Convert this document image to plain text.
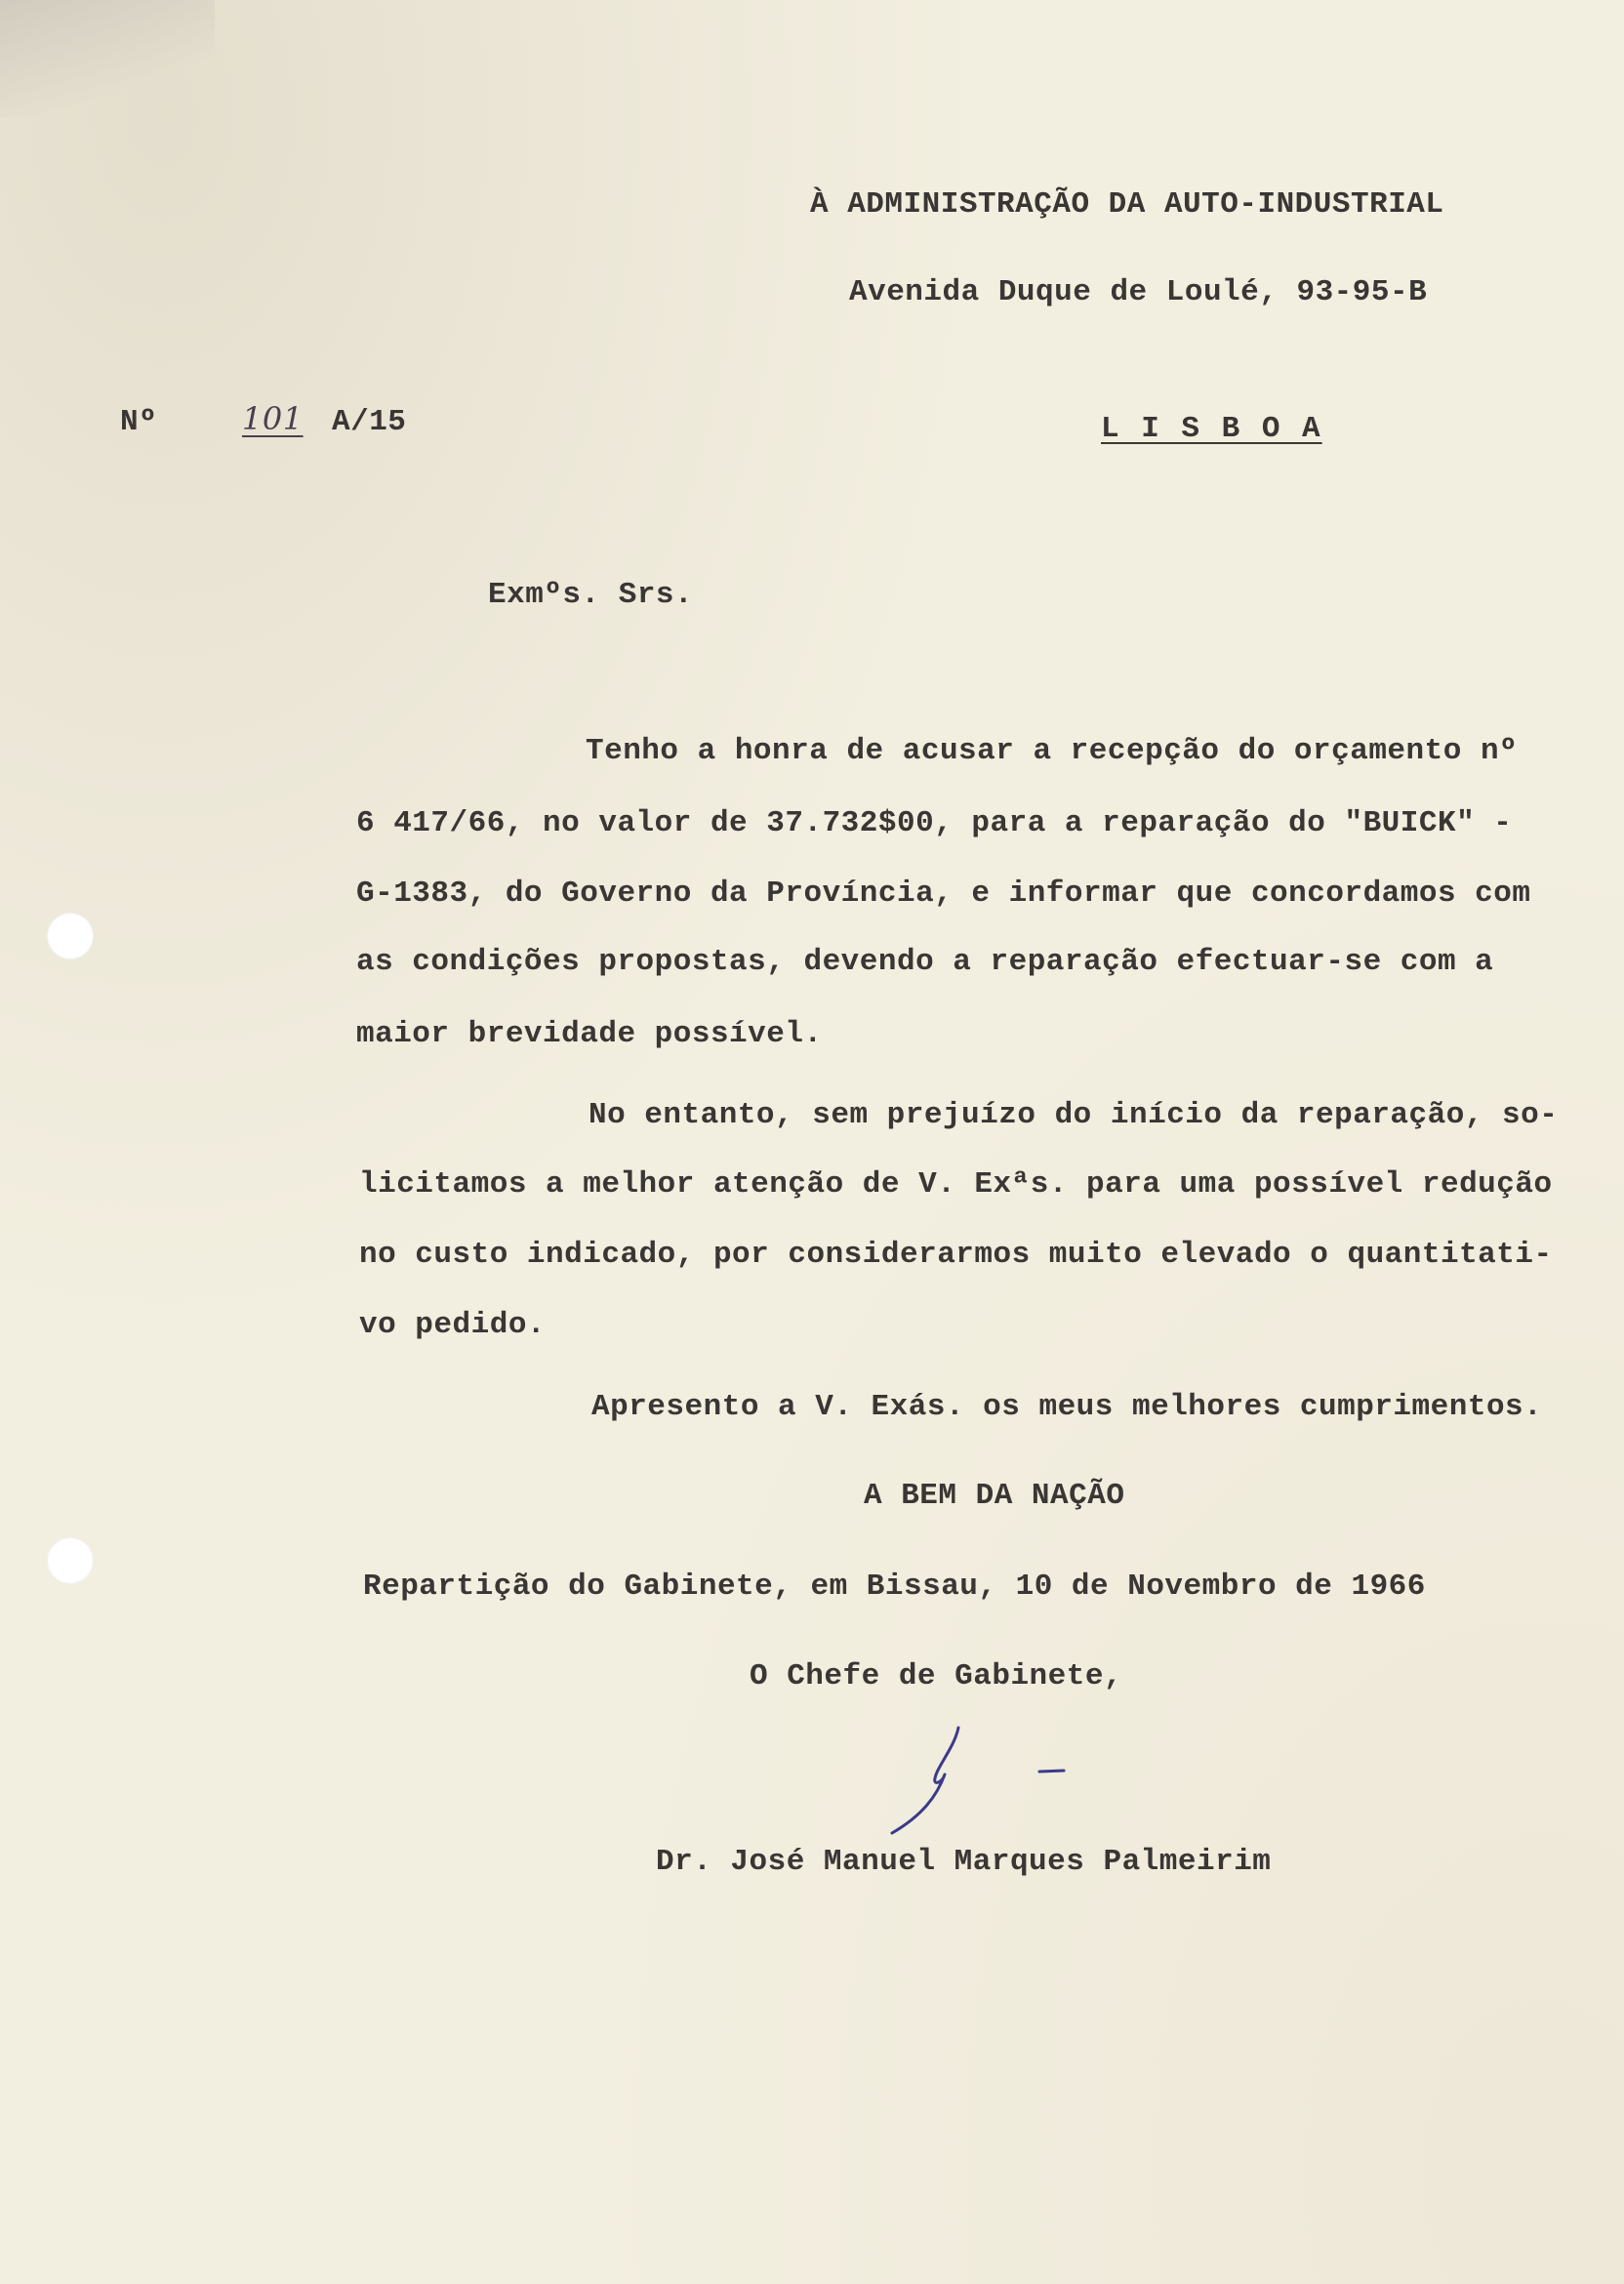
À ADMINISTRAÇÃO DA AUTO-INDUSTRIAL
Avenida Duque de Loulé, 93-95-B
Nº	101 A/15	L I S B O A
Exmºs. Srs.
Tenho a honra de acusar a recepção do orçamento nº
6 417/66, no valor de 37.732$00, para a reparação do "BUICK" -
G-1383, do Governo da Província, e informar que concordamos com
as condições propostas, devendo a reparação efectuar-se com a
maior brevidade possível.
No entanto, sem prejuízo do início da reparação, so-
licitamos a melhor atenção de V. Exªs. para uma possível redução
no custo indicado, por considerarmos muito elevado o quantitati-
vo pedido.
Apresento a V. Exás. os meus melhores cumprimentos.
A BEM DA NAÇÃO
Repartição do Gabinete, em Bissau, 10 de Novembro de 1966
O Chefe de Gabinete,
Dr. José Manuel Marques Palmeirim
